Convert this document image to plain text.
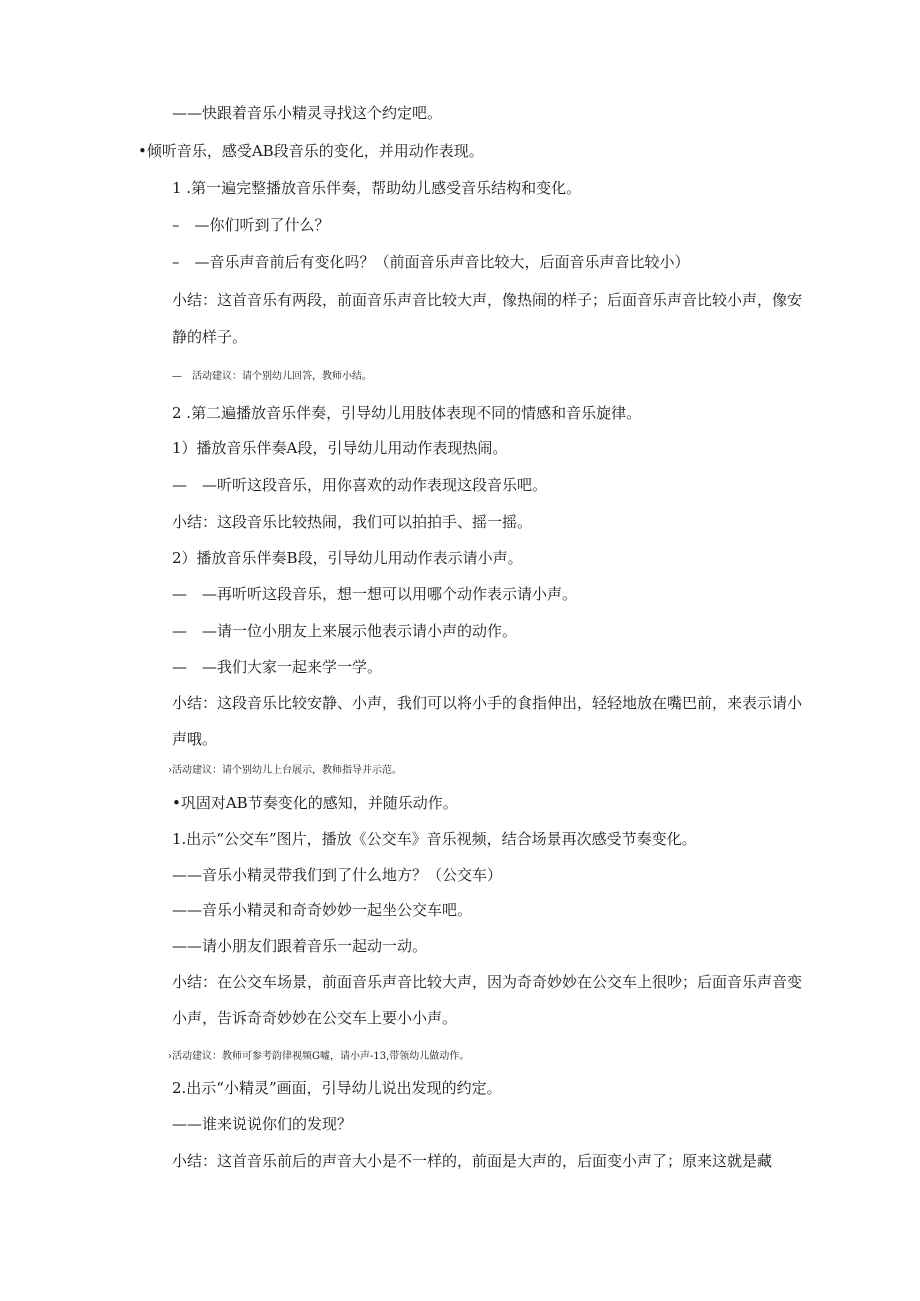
——快跟着音乐小精灵寻找这个约定吧。
•倾听音乐，感受AB段音乐的变化，并用动作表现。
1 .第一遍完整播放音乐伴奏，帮助幼儿感受音乐结构和变化。
–　—你们听到了什么？
–　—音乐声音前后有变化吗？（前面音乐声音比较大，后面音乐声音比较小）
小结：这首音乐有两段，前面音乐声音比较大声，像热闹的样子；后面音乐声音比较小声，像安
静的样子。
—　活动建议：请个别幼儿回答，教师小结。
2 .第二遍播放音乐伴奏，引导幼儿用肢体表现不同的情感和音乐旋律。
1）播放音乐伴奏A段，引导幼儿用动作表现热闹。
—　—听听这段音乐，用你喜欢的动作表现这段音乐吧。
小结：这段音乐比较热闹，我们可以拍拍手、摇一摇。
2）播放音乐伴奏B段，引导幼儿用动作表示请小声。
—　—再听听这段音乐，想一想可以用哪个动作表示请小声。
—　—请一位小朋友上来展示他表示请小声的动作。
—　—我们大家一起来学一学。
小结：这段音乐比较安静、小声，我们可以将小手的食指伸出，轻轻地放在嘴巴前，来表示请小
声哦。
›活动建议：请个别幼儿上台展示，教师指导并示范。
•巩固对AB节奏变化的感知，并随乐动作。
1.出示“公交车”图片，播放《公交车》音乐视频，结合场景再次感受节奏变化。
——音乐小精灵带我们到了什么地方？（公交车）
——音乐小精灵和奇奇妙妙一起坐公交车吧。
——请小朋友们跟着音乐一起动一动。
小结：在公交车场景，前面音乐声音比较大声，因为奇奇妙妙在公交车上很吵；后面音乐声音变
小声，告诉奇奇妙妙在公交车上要小小声。
›活动建议：教师可参考韵律视频G嘘，请小声-13,带领幼儿做动作。
2.出示“小精灵”画面，引导幼儿说出发现的约定。
——谁来说说你们的发现？
小结：这首音乐前后的声音大小是不一样的，前面是大声的，后面变小声了；原来这就是藏
